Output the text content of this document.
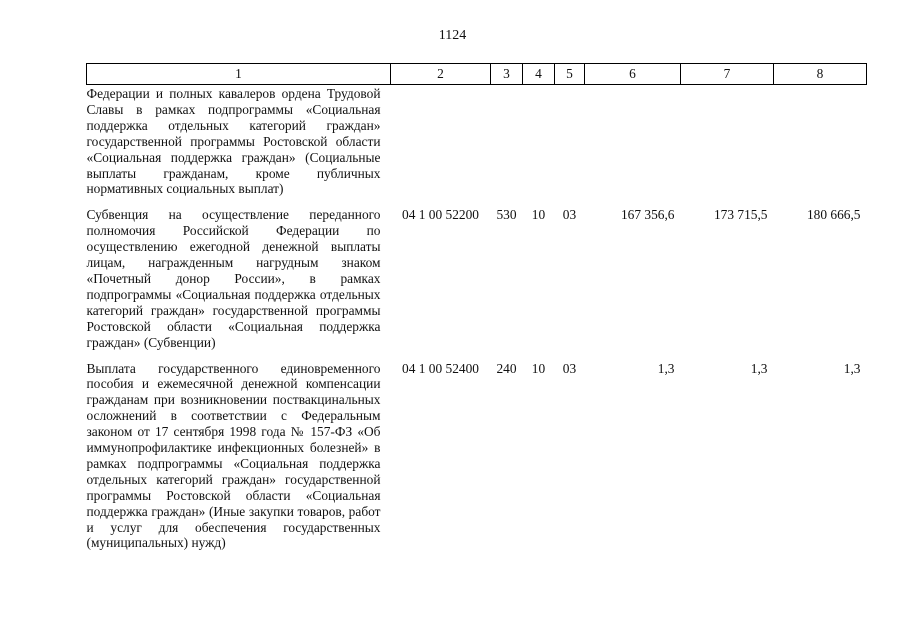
1124
1	2	3	4	5	6	7	8
Федерации и полных кавалеров ордена Трудовой Славы в рамках подпрограммы «Социальная поддержка отдельных категорий граждан» государственной программы Ростовской области «Социальная поддержка граждан» (Социальные выплаты гражданам, кроме публичных нормативных социальных выплат)							
Субвенция на осуществление переданного полномочия Российской Федерации по осуществлению ежегодной денежной выплаты лицам, награжденным нагрудным знаком «Почетный донор России», в рамках подпрограммы «Социальная поддержка отдельных категорий граждан» государственной программы Ростовской области «Социальная поддержка граждан» (Субвенции)	04 1 00 52200	530	10	03	167 356,6	173 715,5	180 666,5
Выплата государственного единовременного пособия и ежемесячной денежной компенсации гражданам при возникновении поствакцинальных осложнений в соответствии с Федеральным законом от 17 сентября 1998 года № 157-ФЗ «Об иммунопрофилактике инфекционных болезней» в рамках подпрограммы «Социальная поддержка отдельных категорий граждан» государственной программы Ростовской области «Социальная поддержка граждан» (Иные закупки товаров, работ и услуг для обеспечения государственных (муниципальных) нужд)	04 1 00 52400	240	10	03	1,3	1,3	1,3
